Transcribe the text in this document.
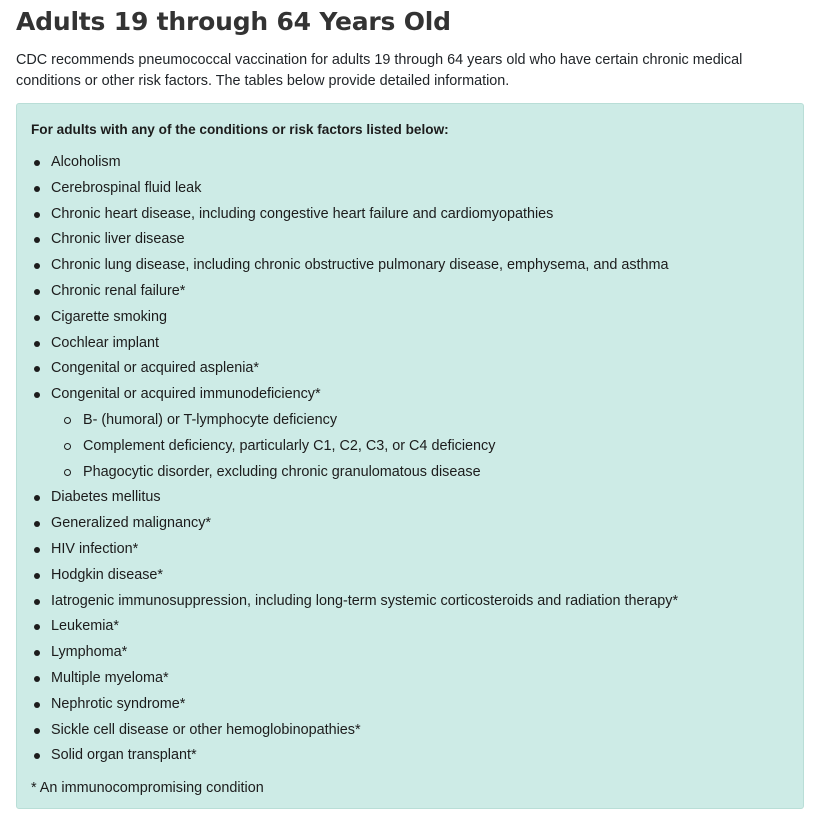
Adults 19 through 64 Years Old

CDC recommends pneumococcal vaccination for adults 19 through 64 years old who have certain chronic medical conditions or other risk factors. The tables below provide detailed information.

For adults with any of the conditions or risk factors listed below:
Alcoholism
Cerebrospinal fluid leak
Chronic heart disease, including congestive heart failure and cardiomyopathies
Chronic liver disease
Chronic lung disease, including chronic obstructive pulmonary disease, emphysema, and asthma
Chronic renal failure*
Cigarette smoking
Cochlear implant
Congenital or acquired asplenia*
Congenital or acquired immunodeficiency*
B- (humoral) or T-lymphocyte deficiency
Complement deficiency, particularly C1, C2, C3, or C4 deficiency
Phagocytic disorder, excluding chronic granulomatous disease
Diabetes mellitus
Generalized malignancy*
HIV infection*
Hodgkin disease*
Iatrogenic immunosuppression, including long-term systemic corticosteroids and radiation therapy*
Leukemia*
Lymphoma*
Multiple myeloma*
Nephrotic syndrome*
Sickle cell disease or other hemoglobinopathies*
Solid organ transplant*
* An immunocompromising condition
